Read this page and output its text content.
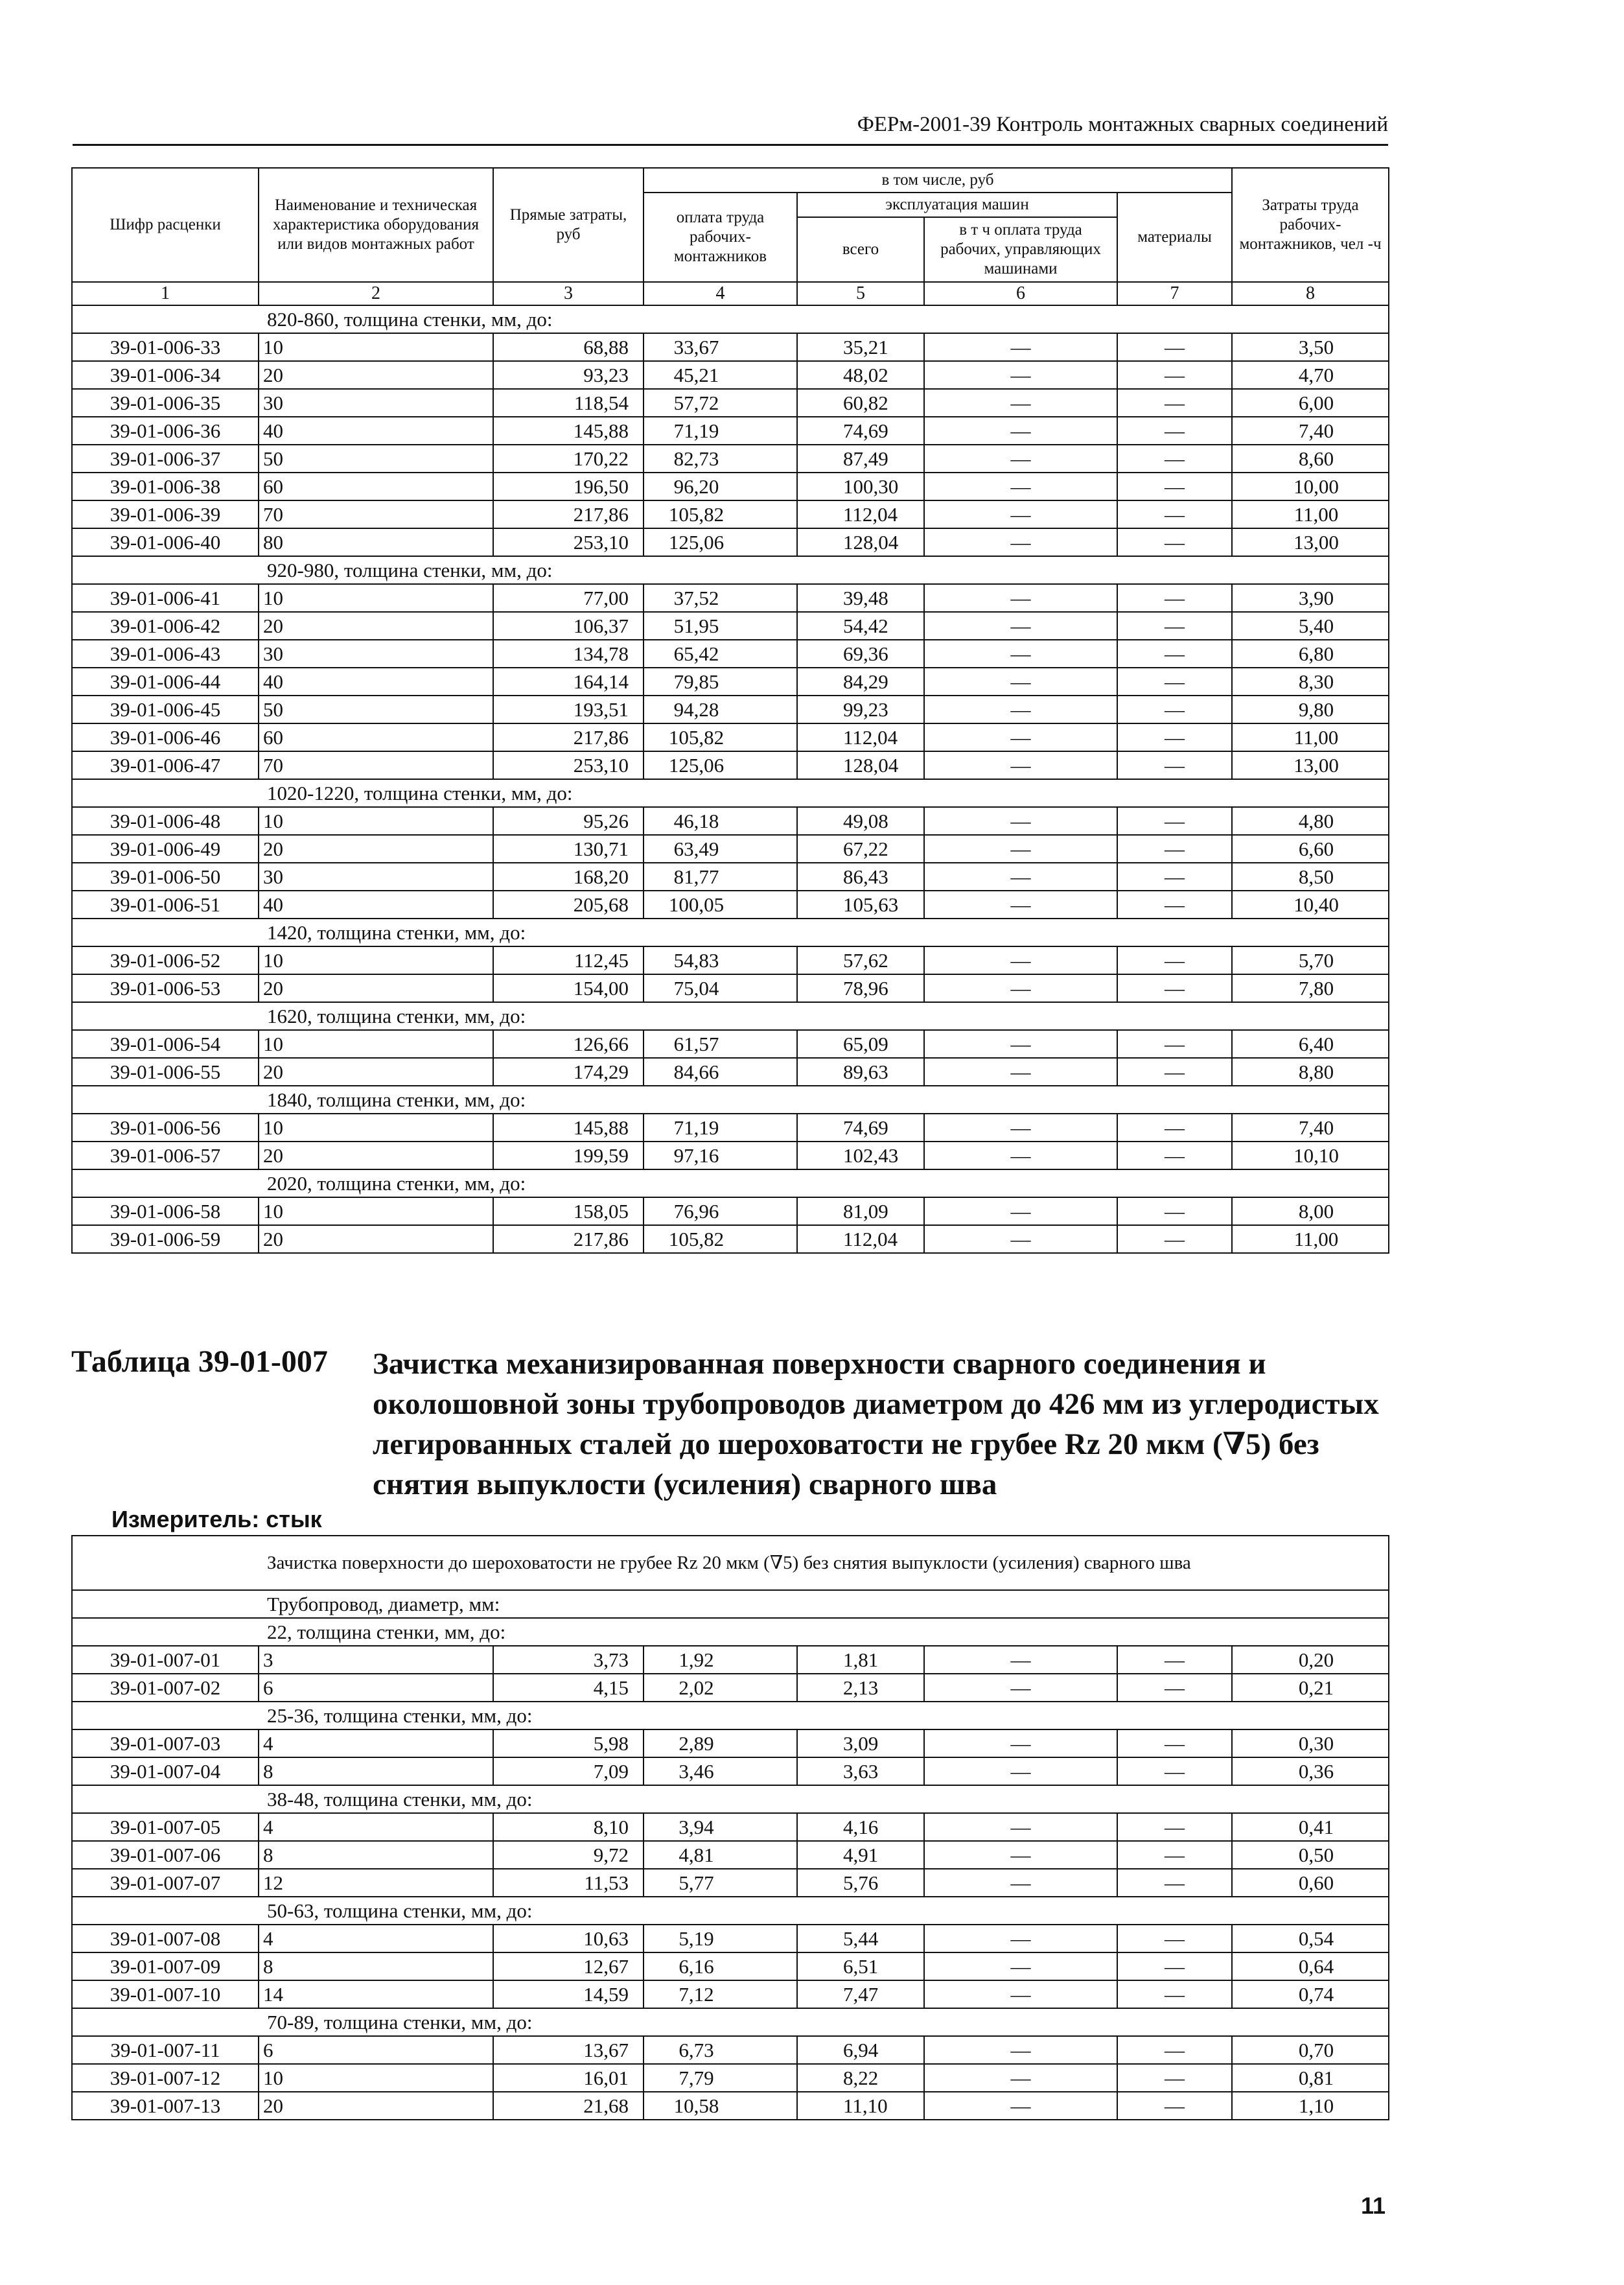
ФЕРм-2001-39 Контроль монтажных сварных соединений
Шифр расценки	Наименование и техническая характеристика оборудования или видов монтажных работ	Прямые затраты, руб	в том числе, руб				Затраты труда рабочих-монтажников, чел -ч
			оплата труда рабочих-монтажников	эксплуатация машин		материалы	
				всего	в т ч оплата труда рабочих, управляющих машинами		
1	2	3	4	5	6	7	8
820-860, толщина стенки, мм, до:							
39-01-006-33	10	68,88	33,67	35,21	—	—	3,50
39-01-006-34	20	93,23	45,21	48,02	—	—	4,70
39-01-006-35	30	118,54	57,72	60,82	—	—	6,00
39-01-006-36	40	145,88	71,19	74,69	—	—	7,40
39-01-006-37	50	170,22	82,73	87,49	—	—	8,60
39-01-006-38	60	196,50	96,20	100,30	—	—	10,00
39-01-006-39	70	217,86	105,82	112,04	—	—	11,00
39-01-006-40	80	253,10	125,06	128,04	—	—	13,00
920-980, толщина стенки, мм, до:							
39-01-006-41	10	77,00	37,52	39,48	—	—	3,90
39-01-006-42	20	106,37	51,95	54,42	—	—	5,40
39-01-006-43	30	134,78	65,42	69,36	—	—	6,80
39-01-006-44	40	164,14	79,85	84,29	—	—	8,30
39-01-006-45	50	193,51	94,28	99,23	—	—	9,80
39-01-006-46	60	217,86	105,82	112,04	—	—	11,00
39-01-006-47	70	253,10	125,06	128,04	—	—	13,00
1020-1220, толщина стенки, мм, до:							
39-01-006-48	10	95,26	46,18	49,08	—	—	4,80
39-01-006-49	20	130,71	63,49	67,22	—	—	6,60
39-01-006-50	30	168,20	81,77	86,43	—	—	8,50
39-01-006-51	40	205,68	100,05	105,63	—	—	10,40
1420, толщина стенки, мм, до:							
39-01-006-52	10	112,45	54,83	57,62	—	—	5,70
39-01-006-53	20	154,00	75,04	78,96	—	—	7,80
1620, толщина стенки, мм, до:							
39-01-006-54	10	126,66	61,57	65,09	—	—	6,40
39-01-006-55	20	174,29	84,66	89,63	—	—	8,80
1840, толщина стенки, мм, до:							
39-01-006-56	10	145,88	71,19	74,69	—	—	7,40
39-01-006-57	20	199,59	97,16	102,43	—	—	10,10
2020, толщина стенки, мм, до:							
39-01-006-58	10	158,05	76,96	81,09	—	—	8,00
39-01-006-59	20	217,86	105,82	112,04	—	—	11,00
Таблица 39-01-007	Зачистка механизированная поверхности сварного соединения и околошовной зоны трубопроводов диаметром до 426 мм из углеродистых легированных сталей до шероховатости не грубее Rz 20 мкм (∇5) без снятия выпуклости (усиления) сварного шва
Измеритель: стык
Зачистка поверхности до шероховатости не грубее Rz 20 мкм (∇5) без снятия выпуклости (усиления) сварного шва							
Трубопровод, диаметр, мм:							
22, толщина стенки, мм, до:							
39-01-007-01	3	3,73	1,92	1,81	—	—	0,20
39-01-007-02	6	4,15	2,02	2,13	—	—	0,21
25-36, толщина стенки, мм, до:							
39-01-007-03	4	5,98	2,89	3,09	—	—	0,30
39-01-007-04	8	7,09	3,46	3,63	—	—	0,36
38-48, толщина стенки, мм, до:							
39-01-007-05	4	8,10	3,94	4,16	—	—	0,41
39-01-007-06	8	9,72	4,81	4,91	—	—	0,50
39-01-007-07	12	11,53	5,77	5,76	—	—	0,60
50-63, толщина стенки, мм, до:							
39-01-007-08	4	10,63	5,19	5,44	—	—	0,54
39-01-007-09	8	12,67	6,16	6,51	—	—	0,64
39-01-007-10	14	14,59	7,12	7,47	—	—	0,74
70-89, толщина стенки, мм, до:							
39-01-007-11	6	13,67	6,73	6,94	—	—	0,70
39-01-007-12	10	16,01	7,79	8,22	—	—	0,81
39-01-007-13	20	21,68	10,58	11,10	—	—	1,10
11
